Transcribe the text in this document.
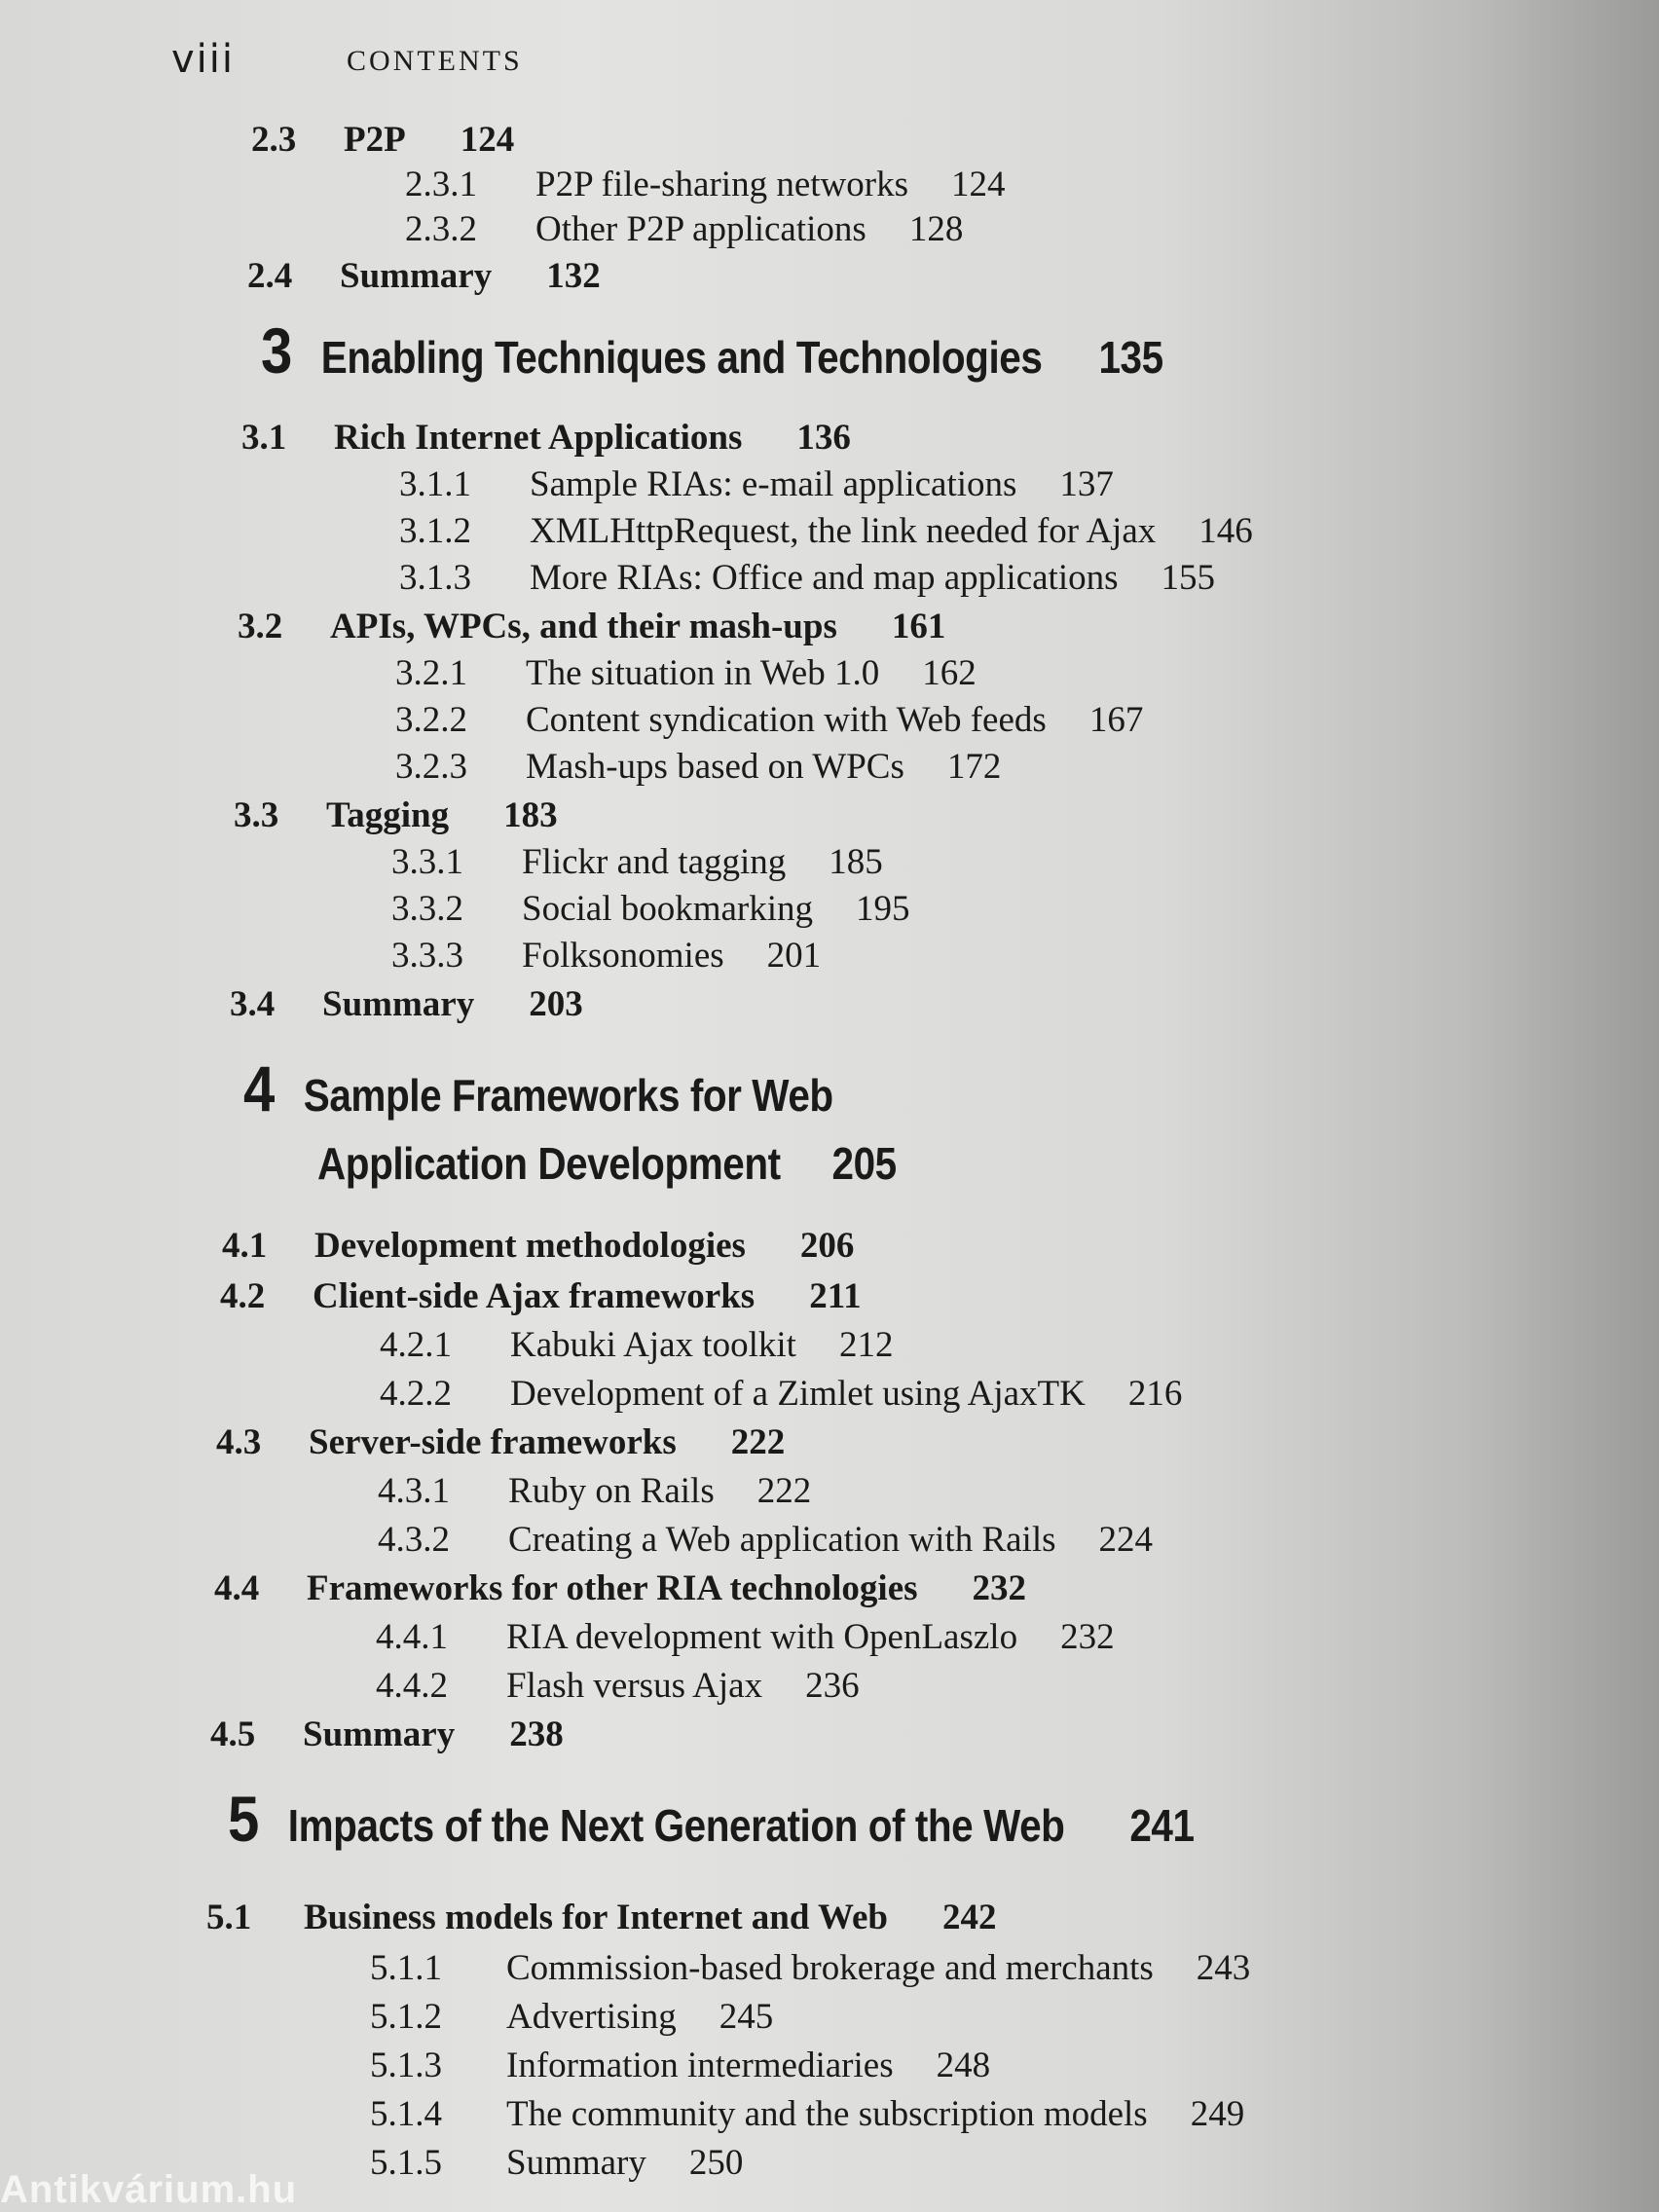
viii	CONTENTS
2.3 P2P 124
2.3.1 P2P file-sharing networks 124
2.3.2 Other P2P applications 128
2.4 Summary 132
3 Enabling Techniques and Technologies 135
3.1 Rich Internet Applications 136
3.1.1 Sample RIAs: e-mail applications 137
3.1.2 XMLHttpRequest, the link needed for Ajax 146
3.1.3 More RIAs: Office and map applications 155
3.2 APIs, WPCs, and their mash-ups 161
3.2.1 The situation in Web 1.0 162
3.2.2 Content syndication with Web feeds 167
3.2.3 Mash-ups based on WPCs 172
3.3 Tagging 183
3.3.1 Flickr and tagging 185
3.3.2 Social bookmarking 195
3.3.3 Folksonomies 201
3.4 Summary 203
4 Sample Frameworks for Web
Application Development 205
4.1 Development methodologies 206
4.2 Client-side Ajax frameworks 211
4.2.1 Kabuki Ajax toolkit 212
4.2.2 Development of a Zimlet using AjaxTK 216
4.3 Server-side frameworks 222
4.3.1 Ruby on Rails 222
4.3.2 Creating a Web application with Rails 224
4.4 Frameworks for other RIA technologies 232
4.4.1 RIA development with OpenLaszlo 232
4.4.2 Flash versus Ajax 236
4.5 Summary 238
5 Impacts of the Next Generation of the Web 241
5.1 Business models for Internet and Web 242
5.1.1 Commission-based brokerage and merchants 243
5.1.2 Advertising 245
5.1.3 Information intermediaries 248
5.1.4 The community and the subscription models 249
5.1.5 Summary 250
Antikvárium.hu
